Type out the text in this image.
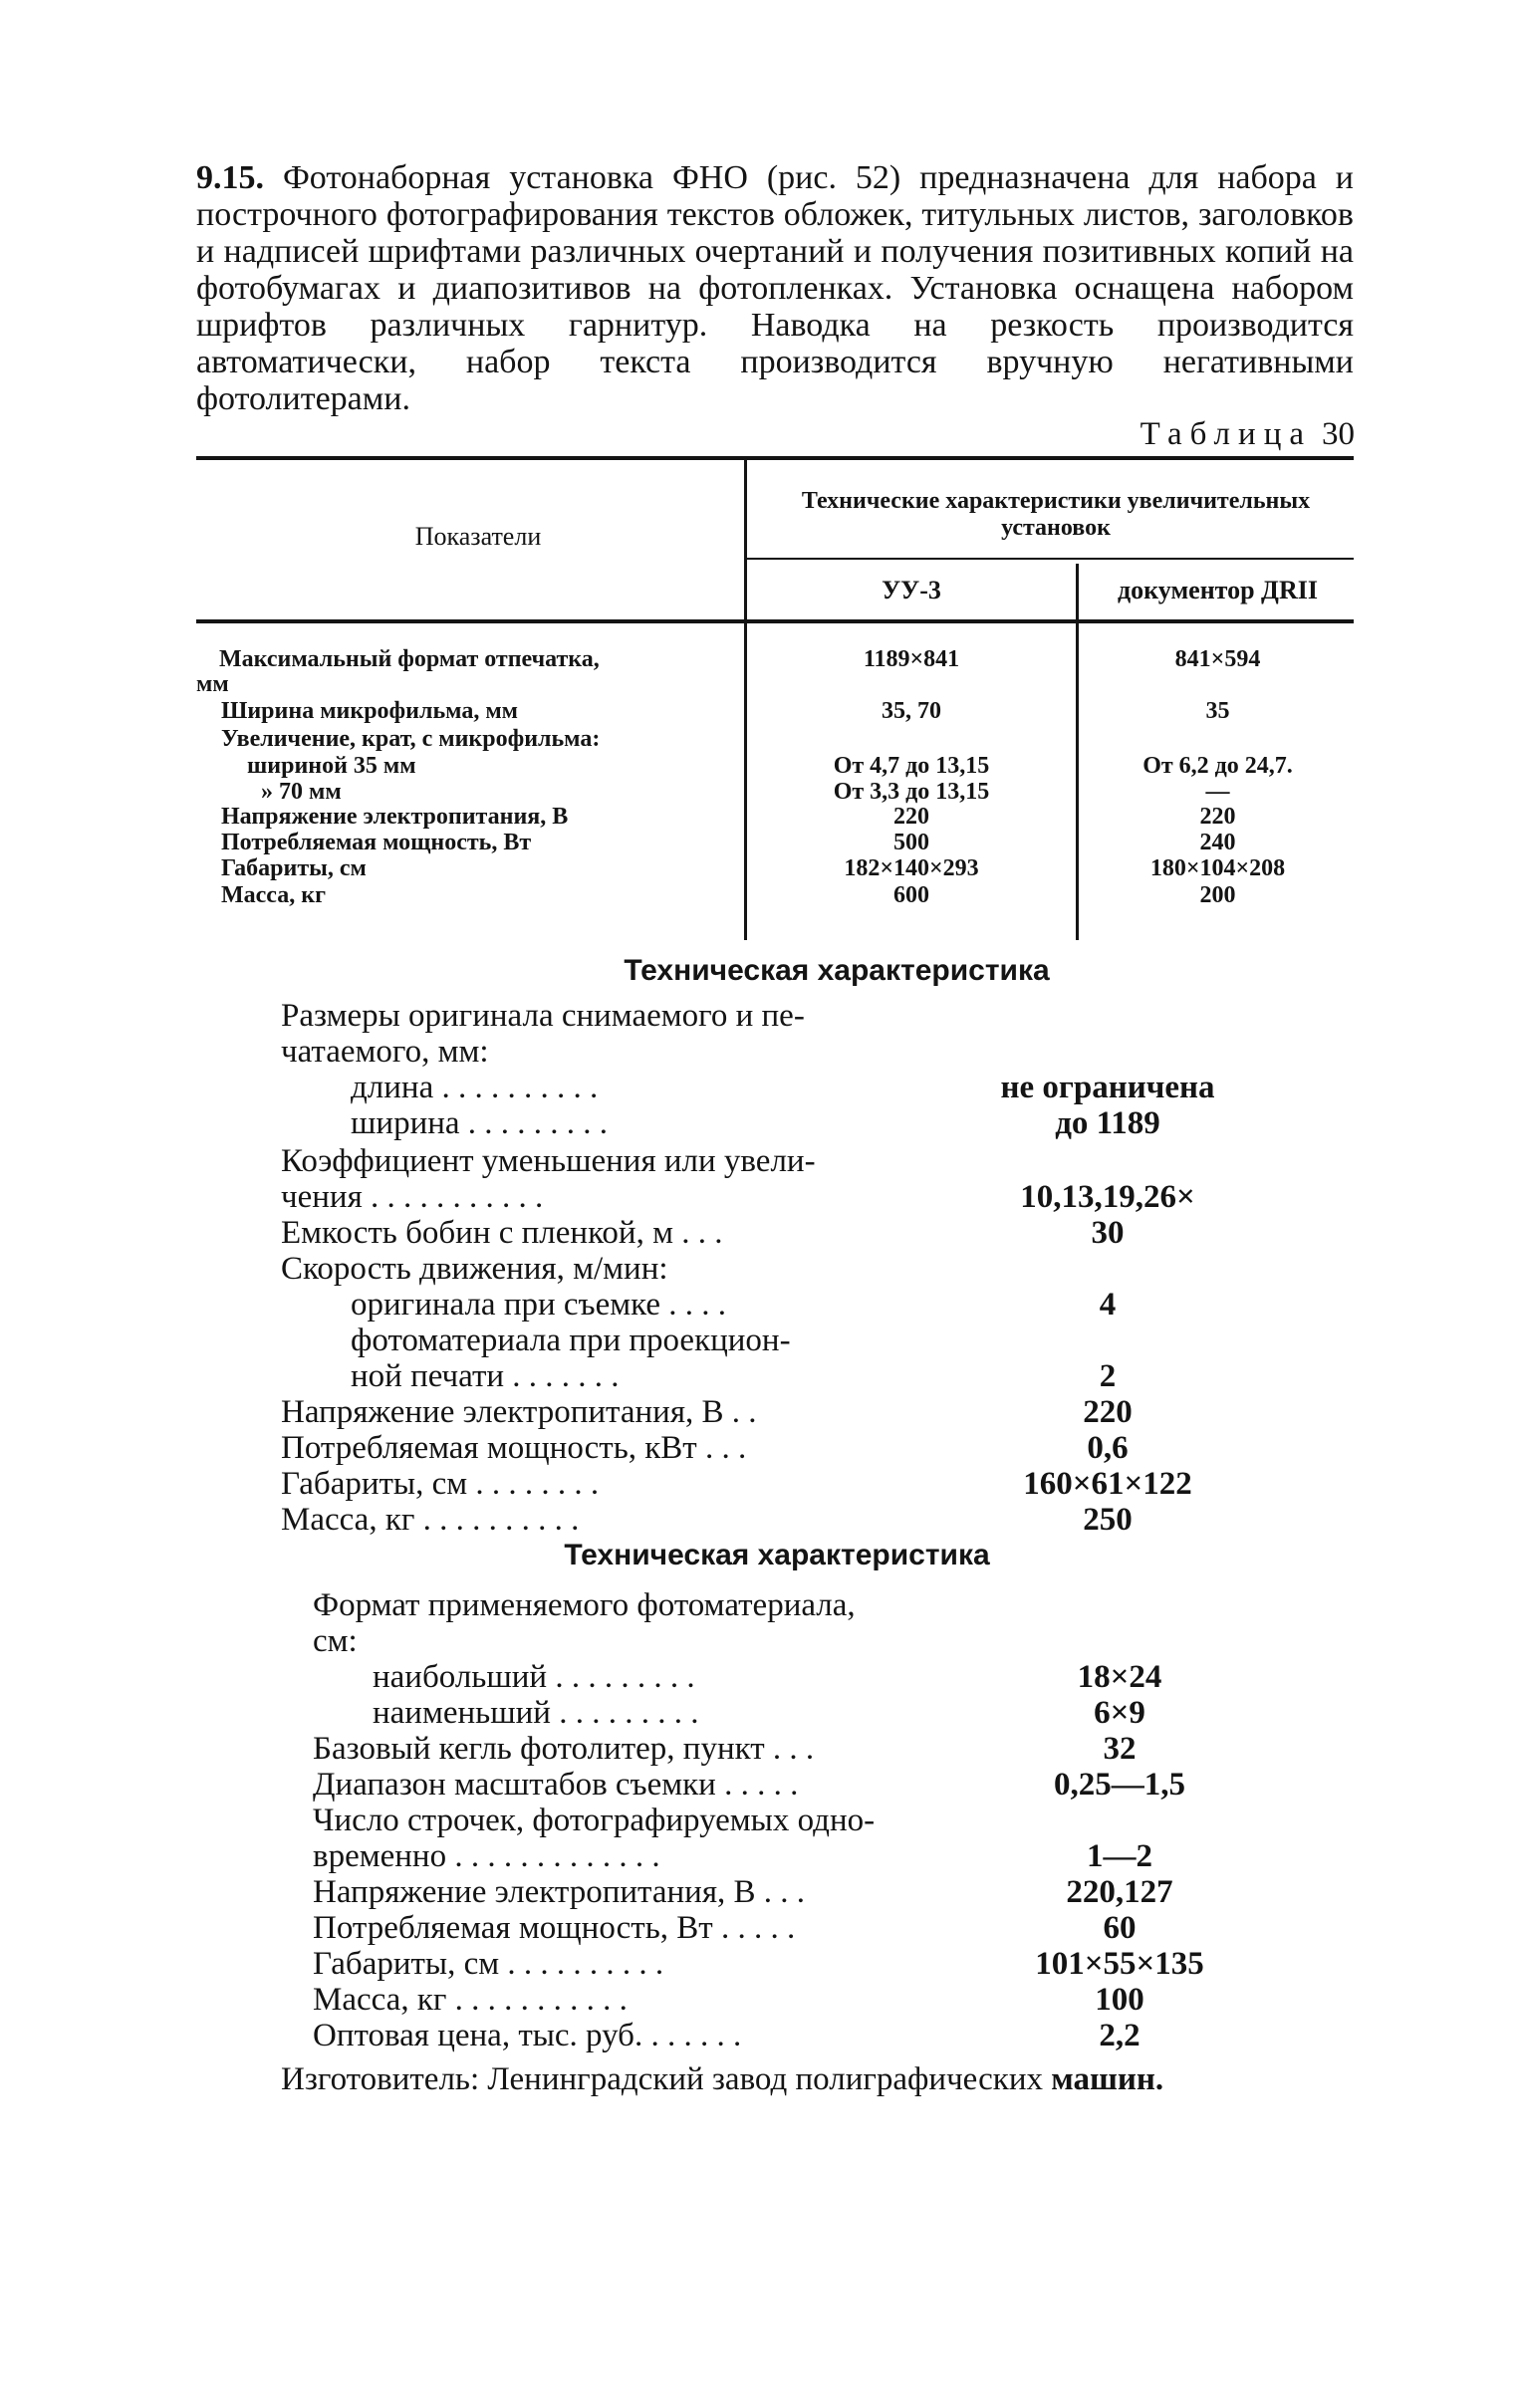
9.15. Фотонаборная установка ФНО (рис. 52) предназначена для набора и построчного фотографирования текстов обложек, титульных листов, заголовков и надписей шрифтами различных очертаний и получения позитивных копий на фотобумагах и диапозитивов на фотопленках. Установка оснащена набором шрифтов различных гарнитур. Наводка на резкость производится автоматически, набор текста производится вручную негативными фотолитерами.
Таблица 30
Показатели
Технические характеристики увеличительных установок
УУ-3	документор ДRII
Максимальный формат отпечатка,	1189×841	841×594
мм
Ширина микрофильма, мм	35, 70	35
Увеличение, крат, с микрофильма:
шириной 35 мм	От 4,7 до 13,15	От 6,2 до 24,7.
» 70 мм	От 3,3 до 13,15	—
Напряжение электропитания, В	220	220
Потребляемая мощность, Вт	500	240
Габариты, см	182×140×293	180×104×208
Масса, кг	600	200
Техническая характеристика
Размеры оригинала снимаемого и пе-
чатаемого, мм:
длина . . . . . . . . . .	не ограничена
ширина . . . . . . . . .	до 1189
Коэффициент уменьшения или увели-
чения . . . . . . . . . . .	10,13,19,26×
Емкость бобин с пленкой, м . . .	30
Скорость движения, м/мин:
оригинала при съемке . . . .	4
фотоматериала при проекцион-
ной печати . . . . . . .	2
Напряжение электропитания, В . .	220
Потребляемая мощность, кВт . . .	0,6
Габариты, см . . . . . . . .	160×61×122
Масса, кг . . . . . . . . . .	250
Техническая характеристика
Формат применяемого фотоматериала,
см:
наибольший . . . . . . . . .	18×24
наименьший . . . . . . . . .	6×9
Базовый кегль фотолитер, пункт . . .	32
Диапазон масштабов съемки . . . . .	0,25—1,5
Число строчек, фотографируемых одно-
временно . . . . . . . . . . . . .	1—2
Напряжение электропитания, В . . .	220,127
Потребляемая мощность, Вт . . . . .	60
Габариты, см . . . . . . . . . .	101×55×135
Масса, кг . . . . . . . . . . .	100
Оптовая цена, тыс. руб. . . . . . .	2,2
Изготовитель: Ленинградский завод полиграфических машин.
